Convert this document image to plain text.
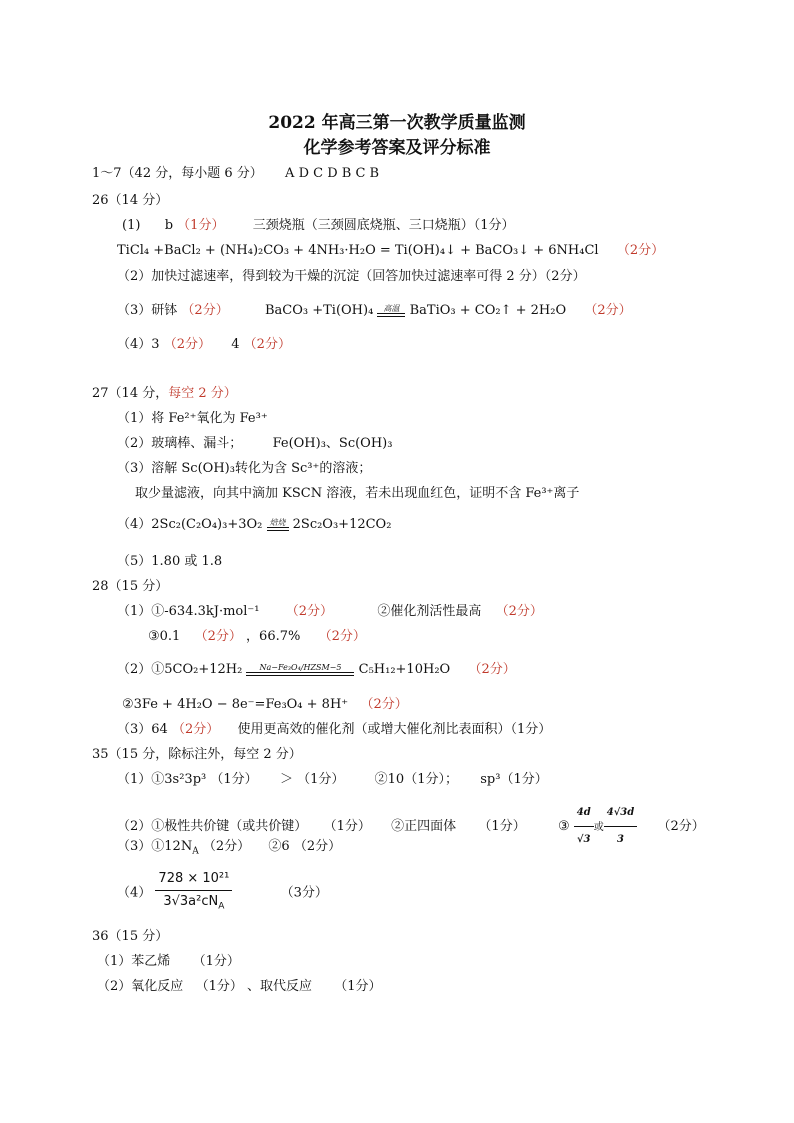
2022 年高三第一次教学质量监测
化学参考答案及评分标准
1～7（42 分，每小题 6 分） A D C D B C B
26（14 分）
(1) b （1分） 三颈烧瓶（三颈圆底烧瓶、三口烧瓶）（1分）
TiCl₄ +BaCl₂ + (NH₄)₂CO₃ + 4NH₃·H₂O = Ti(OH)₄↓ + BaCO₃↓ + 6NH₄Cl （2分）
（2）加快过滤速率，得到较为干燥的沉淀（回答加快过滤速率可得 2 分）（2分）
（3）研钵 （2分）	BaCO₃ +Ti(OH)₄	高温 BaTiO₃ + CO₂↑ + 2H₂O （2分）
（4）3 （2分） 4 （2分）
27（14 分，每空 2 分）
（1）将 Fe²⁺氧化为 Fe³⁺
（2）玻璃棒、漏斗； Fe(OH)₃、Sc(OH)₃
（3）溶解 Sc(OH)₃转化为含 Sc³⁺的溶液；
取少量滤液，向其中滴加 KSCN 溶液，若未出现血红色，证明不含 Fe³⁺离子
（4）2Sc₂(C₂O₄)₃+3O₂ 焙烧 2Sc₂O₃+12CO₂
（5）1.80 或 1.8
28（15 分）
（1）①-634.3kJ·mol⁻¹ （2分）	②催化剂活性最高 （2分）
③0.1 （2分） ，66.7% （2分）
（2）①5CO₂+12H₂	Na−Fe₃O₄/HZSM−5	C₅H₁₂+10H₂O （2分）
②3Fe + 4H₂O − 8e⁻=Fe₃O₄ + 8H⁺ （2分）
（3）64 （2分） 使用更高效的催化剂（或增大催化剂比表面积）（1分）
35（15 分，除标注外，每空 2 分）
（1）①3s²3p³ （1分） ＞ （1分） ②10（1分）； sp³（1分）
（2）①极性共价键（或共价键） （1分） ②正四面体 （1分） ③ $\frac{4d}{√3}$ 或 $\frac{4√3d}{3} (2$分）
$(3)①12N_A$ （2分） ②6 （2分）
$(4) \frac{\text{728 × 10²¹}}{3√3a^2cN_A}$	（3分）
36（15 分）
（1）苯乙烯 （1分）
（2）氧化反应 （1分） 、取代反应 （1分）
